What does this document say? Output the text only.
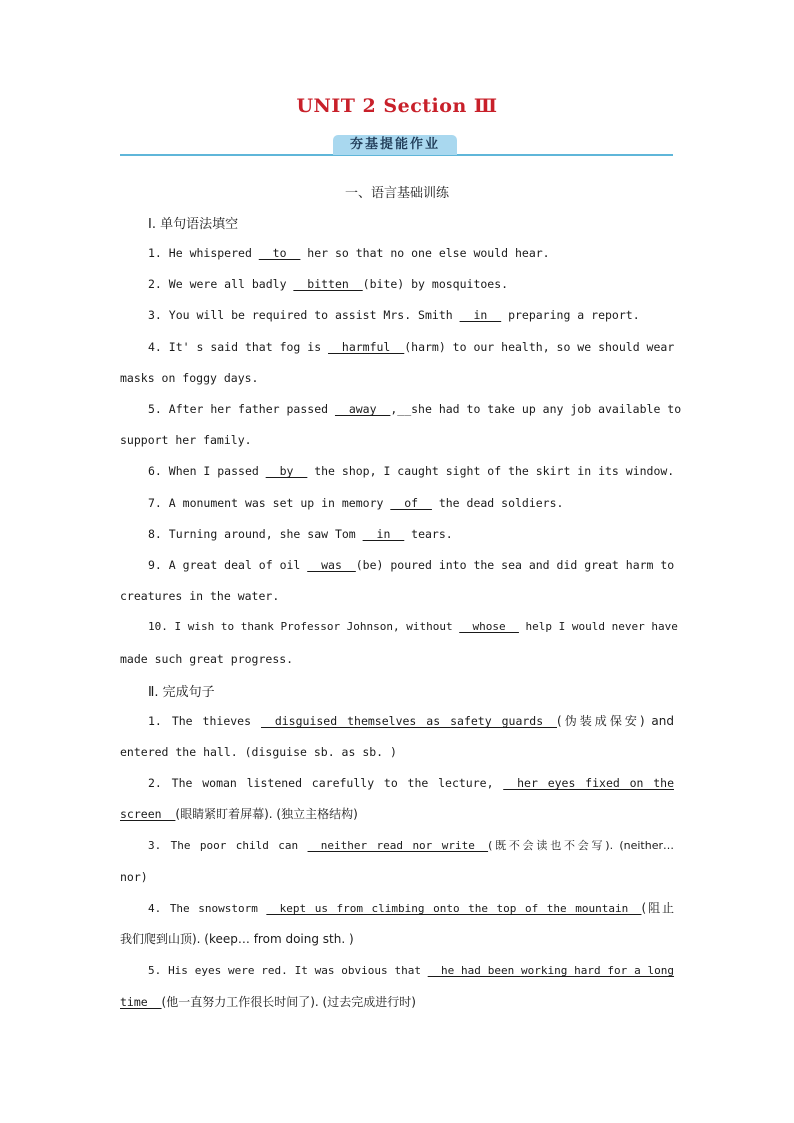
UNIT 2 Section Ⅲ
夯基提能作业
一、语言基础训练
Ⅰ. 单句语法填空

1. He whispered __to__ her so that no one else would hear.

2. We were all badly __bitten__(bite) by mosquitoes.

3. You will be required to assist Mrs. Smith __in__ preparing a report.

4. It' s said that fog is __harmful__(harm) to our health, so we should wear

masks on foggy days.

5. After her father passed __away__,__she had to take up any job available to

support her family.

6. When I passed __by__ the shop, I caught sight of the skirt in its window.

7. A monument was set up in memory __of__ the dead soldiers.

8. Turning around, she saw Tom __in__ tears.

9. A great deal of oil __was__(be) poured into the sea and did great harm to

creatures in the water.

10. I wish to thank Professor Johnson, without __whose__ help I would never have

made such great progress.

Ⅱ. 完成句子

1. The thieves __disguised themselves as safety guards__(伪装成保安) and

entered the hall. (disguise sb. as sb. )

2. The woman listened carefully to the lecture, __her eyes fixed on the

screen__(眼睛紧盯着屏幕). (独立主格结构)

3. The poor child can __neither read nor write__(既不会读也不会写). (neither…

nor)

4. The snowstorm __kept us from climbing onto the top of the mountain__(阻止

我们爬到山顶). (keep… from doing sth. )

5. His eyes were red. It was obvious that __he had been working hard for a long

time__(他一直努力工作很长时间了). (过去完成进行时)
